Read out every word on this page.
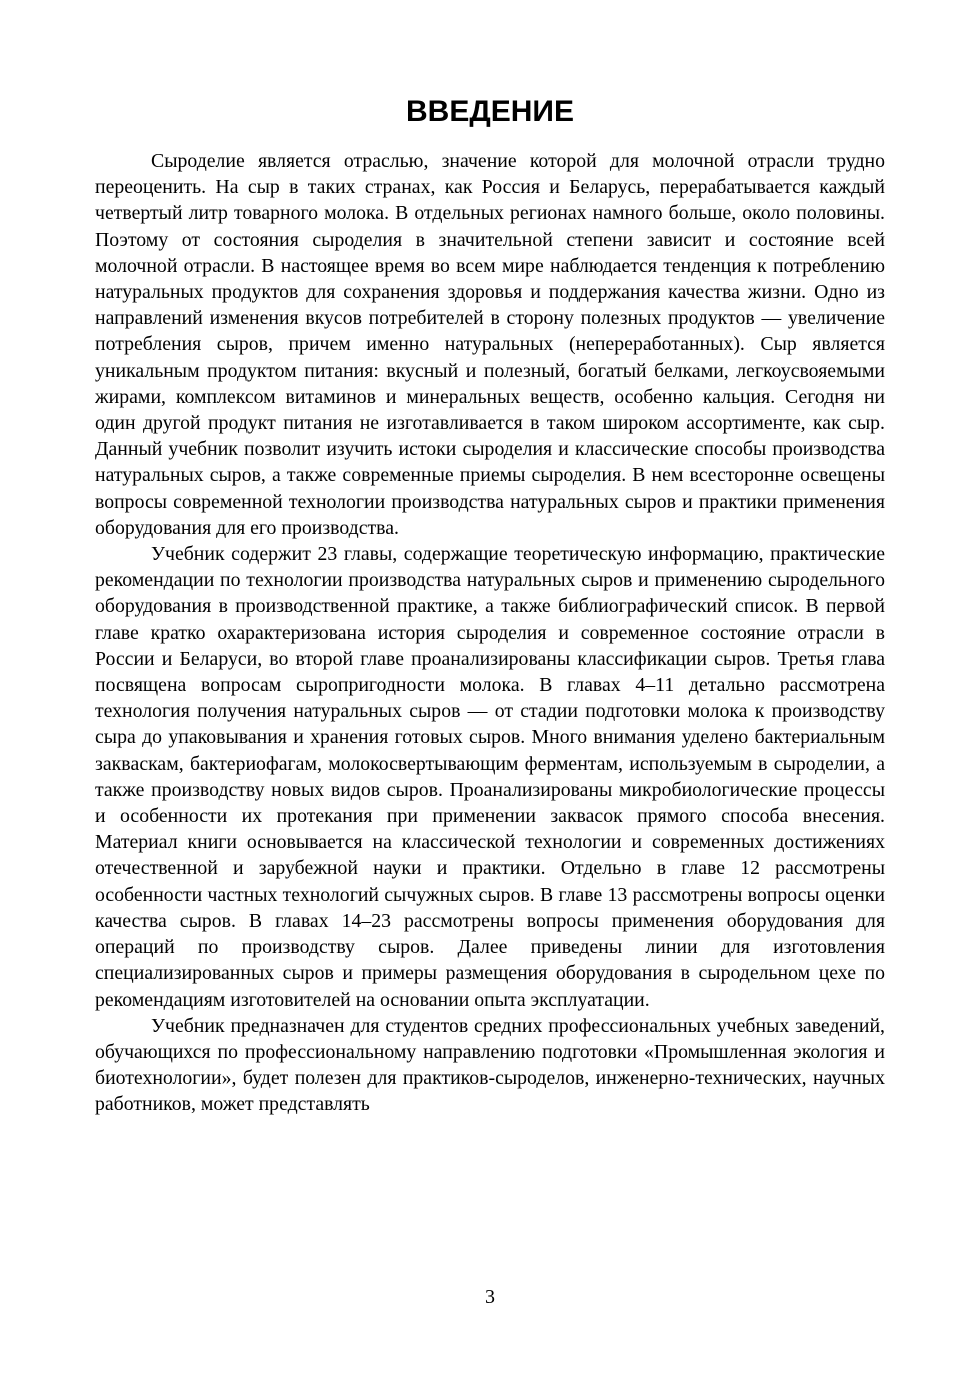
ВВЕДЕНИЕ

Сыроделие является отраслью, значение которой для молочной отрасли трудно переоценить. На сыр в таких странах, как Россия и Беларусь, перерабатывается каждый четвертый литр товарного молока. В отдельных регионах намного больше, около половины. Поэтому от состояния сыроделия в значительной степени зависит и состояние всей молочной отрасли. В настоящее время во всем мире наблюдается тенденция к потреблению натуральных продуктов для сохранения здоровья и поддержания качества жизни. Одно из направлений изменения вкусов потребителей в сторону полезных продуктов — увеличение потребления сыров, причем именно натуральных (непереработанных). Сыр является уникальным продуктом питания: вкусный и полезный, богатый белками, легкоусвояемыми жирами, комплексом витаминов и минеральных веществ, особенно кальция. Сегодня ни один другой продукт питания не изготавливается в таком широком ассортименте, как сыр. Данный учебник позволит изучить истоки сыроделия и классические способы производства натуральных сыров, а также современные приемы сыроделия. В нем всесторонне освещены вопросы современной технологии производства натуральных сыров и практики применения оборудования для его производства.

Учебник содержит 23 главы, содержащие теоретическую информацию, практические рекомендации по технологии производства натуральных сыров и применению сыродельного оборудования в производственной практике, а также библиографический список. В первой главе кратко охарактеризована история сыроделия и современное состояние отрасли в России и Беларуси, во второй главе проанализированы классификации сыров. Третья глава посвящена вопросам сыропригодности молока. В главах 4–11 детально рассмотрена технология получения натуральных сыров — от стадии подготовки молока к производству сыра до упаковывания и хранения готовых сыров. Много внимания уделено бактериальным заквaскам, бактериофагам, молокосвертывающим ферментам, используемым в сыроделии, а также производству новых видов сыров. Проанализированы микробиологические процессы и особенности их протекания при применении заквасок прямого способа внесения. Материал книги основывается на классической технологии и современных достижениях отечественной и зарубежной науки и практики. Отдельно в главе 12 рассмотрены особенности частных технологий сычужных сыров. В главе 13 рассмотрены вопросы оценки качества сыров. В главах 14–23 рассмотрены вопросы применения оборудования для операций по производству сыров. Далее приведены линии для изготовления специализированных сыров и примеры размещения оборудования в сыродельном цехе по рекомендациям изготовителей на основании опыта эксплуатации.

Учебник предназначен для студентов средних профессиональных учебных заведений, обучающихся по профессиональному направлению подготовки «Промышленная экология и биотехнологии», будет полезен для практиков-сыроделов, инженерно-технических, научных работников, может представлять

3
